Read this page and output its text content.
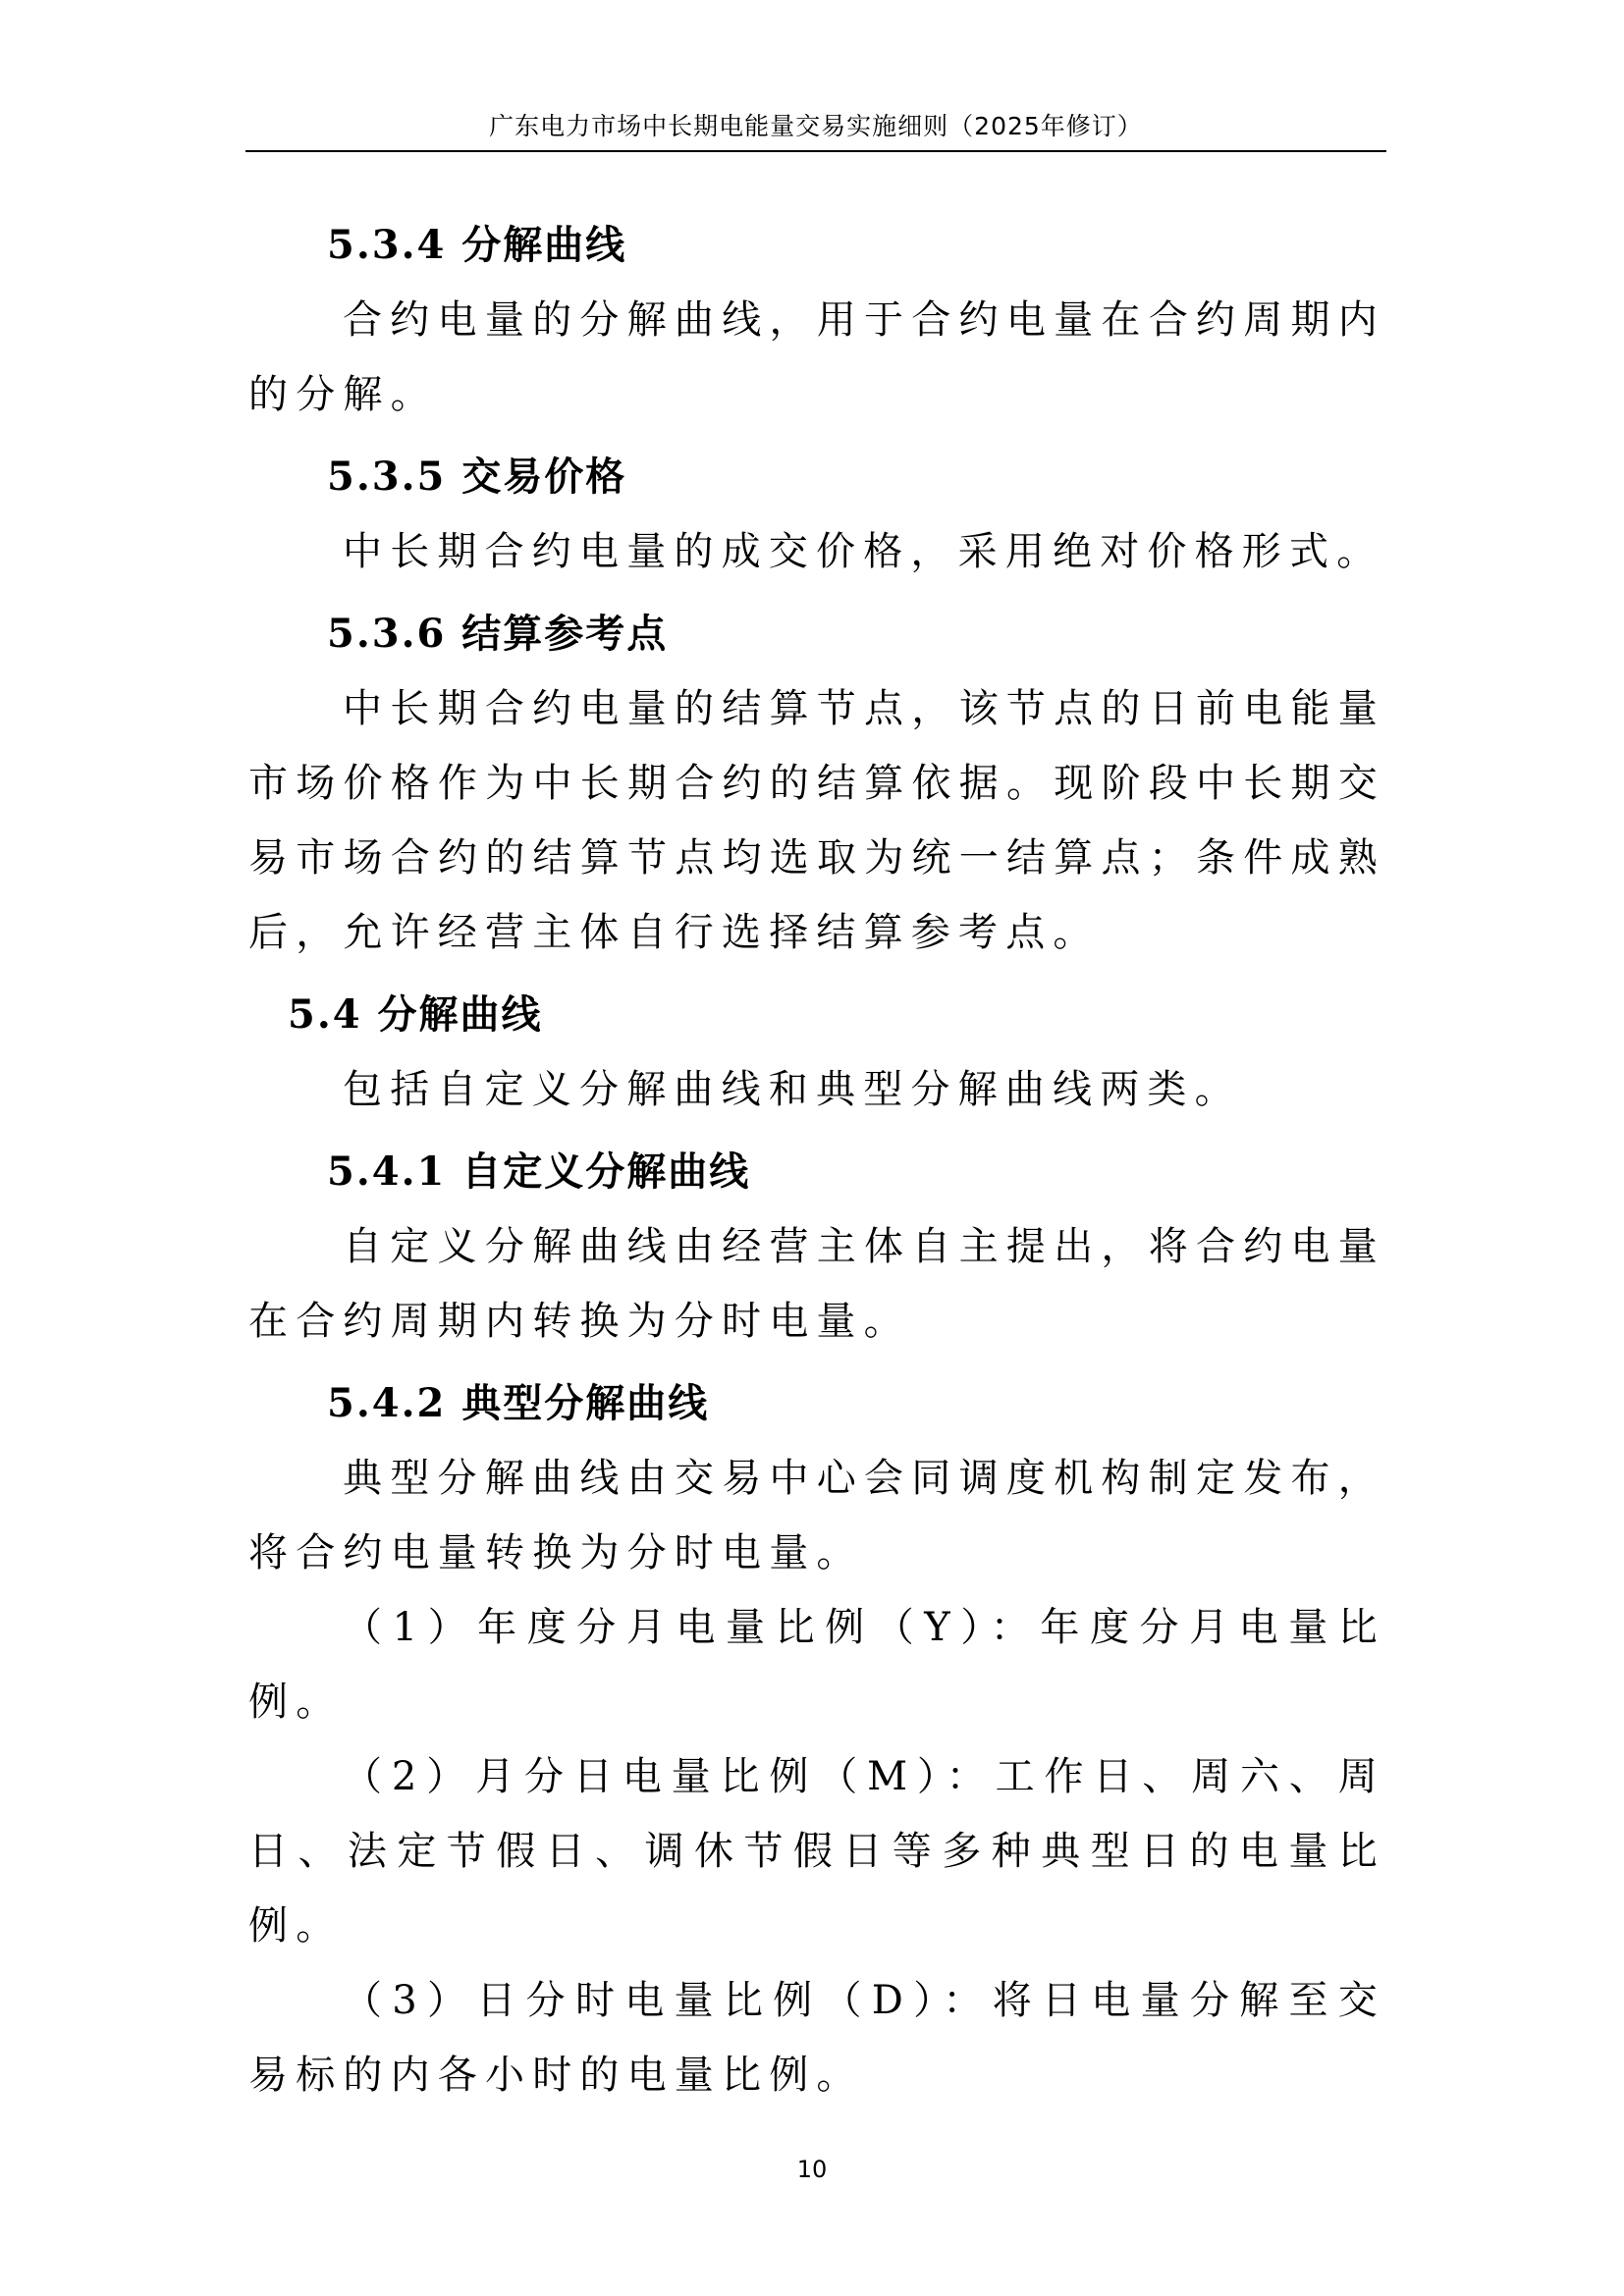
广东电力市场中长期电能量交易实施细则（2025年修订）
5.3.4 分解曲线

合约电量的分解曲线，用于合约电量在合约周期内的分解。

5.3.5 交易价格

中长期合约电量的成交价格，采用绝对价格形式。

5.3.6 结算参考点

中长期合约电量的结算节点，该节点的日前电能量市场价格作为中长期合约的结算依据。现阶段中长期交易市场合约的结算节点均选取为统一结算点；条件成熟后，允许经营主体自行选择结算参考点。

5.4 分解曲线

包括自定义分解曲线和典型分解曲线两类。

5.4.1 自定义分解曲线

自定义分解曲线由经营主体自主提出，将合约电量在合约周期内转换为分时电量。

5.4.2 典型分解曲线

典型分解曲线由交易中心会同调度机构制定发布，将合约电量转换为分时电量。

（1）年度分月电量比例（Y）：年度分月电量比例。

（2）月分日电量比例（M）：工作日、周六、周日、法定节假日、调休节假日等多种典型日的电量比例。

（3）日分时电量比例（D）：将日电量分解至交易标的内各小时的电量比例。

10
